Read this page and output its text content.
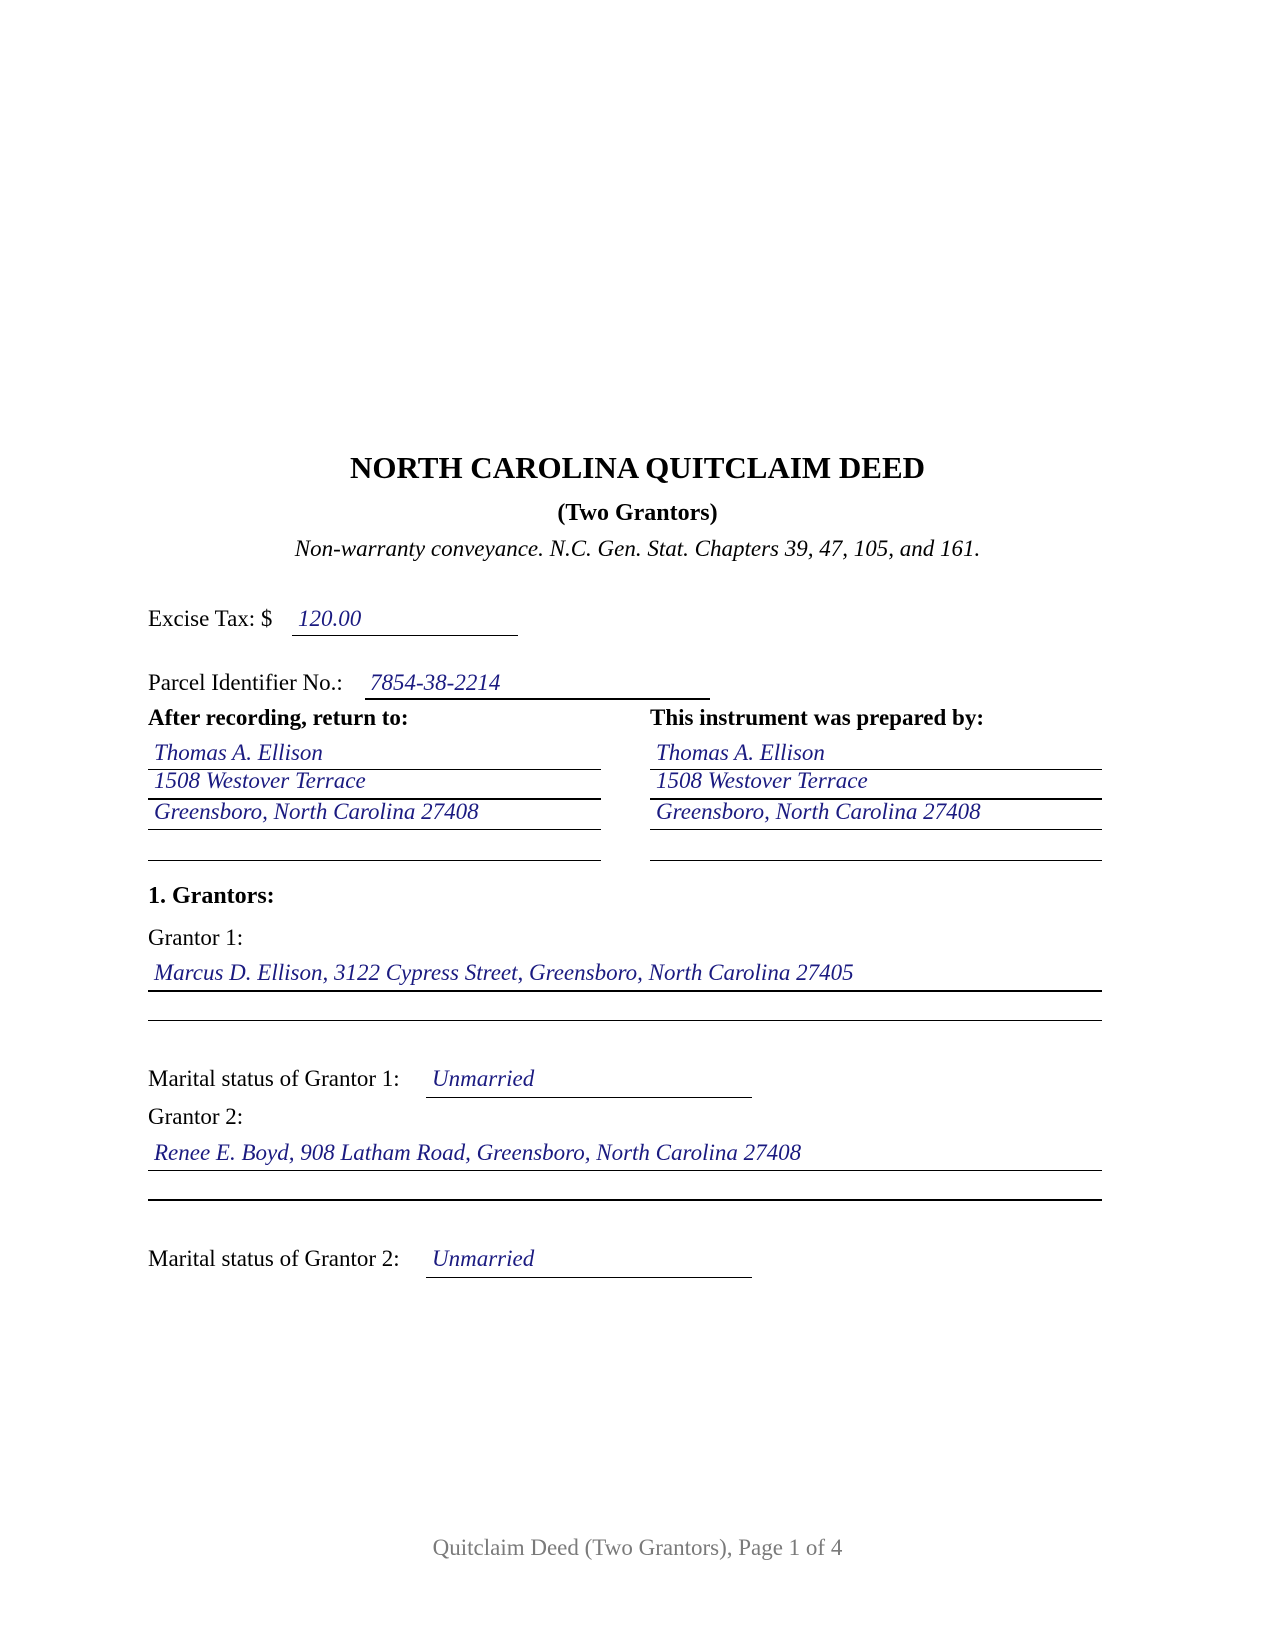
NORTH CAROLINA QUITCLAIM DEED
(Two Grantors)
Non-warranty conveyance. N.C. Gen. Stat. Chapters 39, 47, 105, and 161.
Excise Tax: $ 120.00
Parcel Identifier No.: 7854-38-2214
After recording, return to:
Thomas A. Ellison
1508 Westover Terrace
Greensboro, North Carolina 27408
This instrument was prepared by:
Thomas A. Ellison
1508 Westover Terrace
Greensboro, North Carolina 27408
1. Grantors:
Grantor 1:
Marcus D. Ellison, 3122 Cypress Street, Greensboro, North Carolina 27405
Marital status of Grantor 1: Unmarried
Grantor 2:
Renee E. Boyd, 908 Latham Road, Greensboro, North Carolina 27408
Marital status of Grantor 2: Unmarried
Quitclaim Deed (Two Grantors), Page 1 of 4
